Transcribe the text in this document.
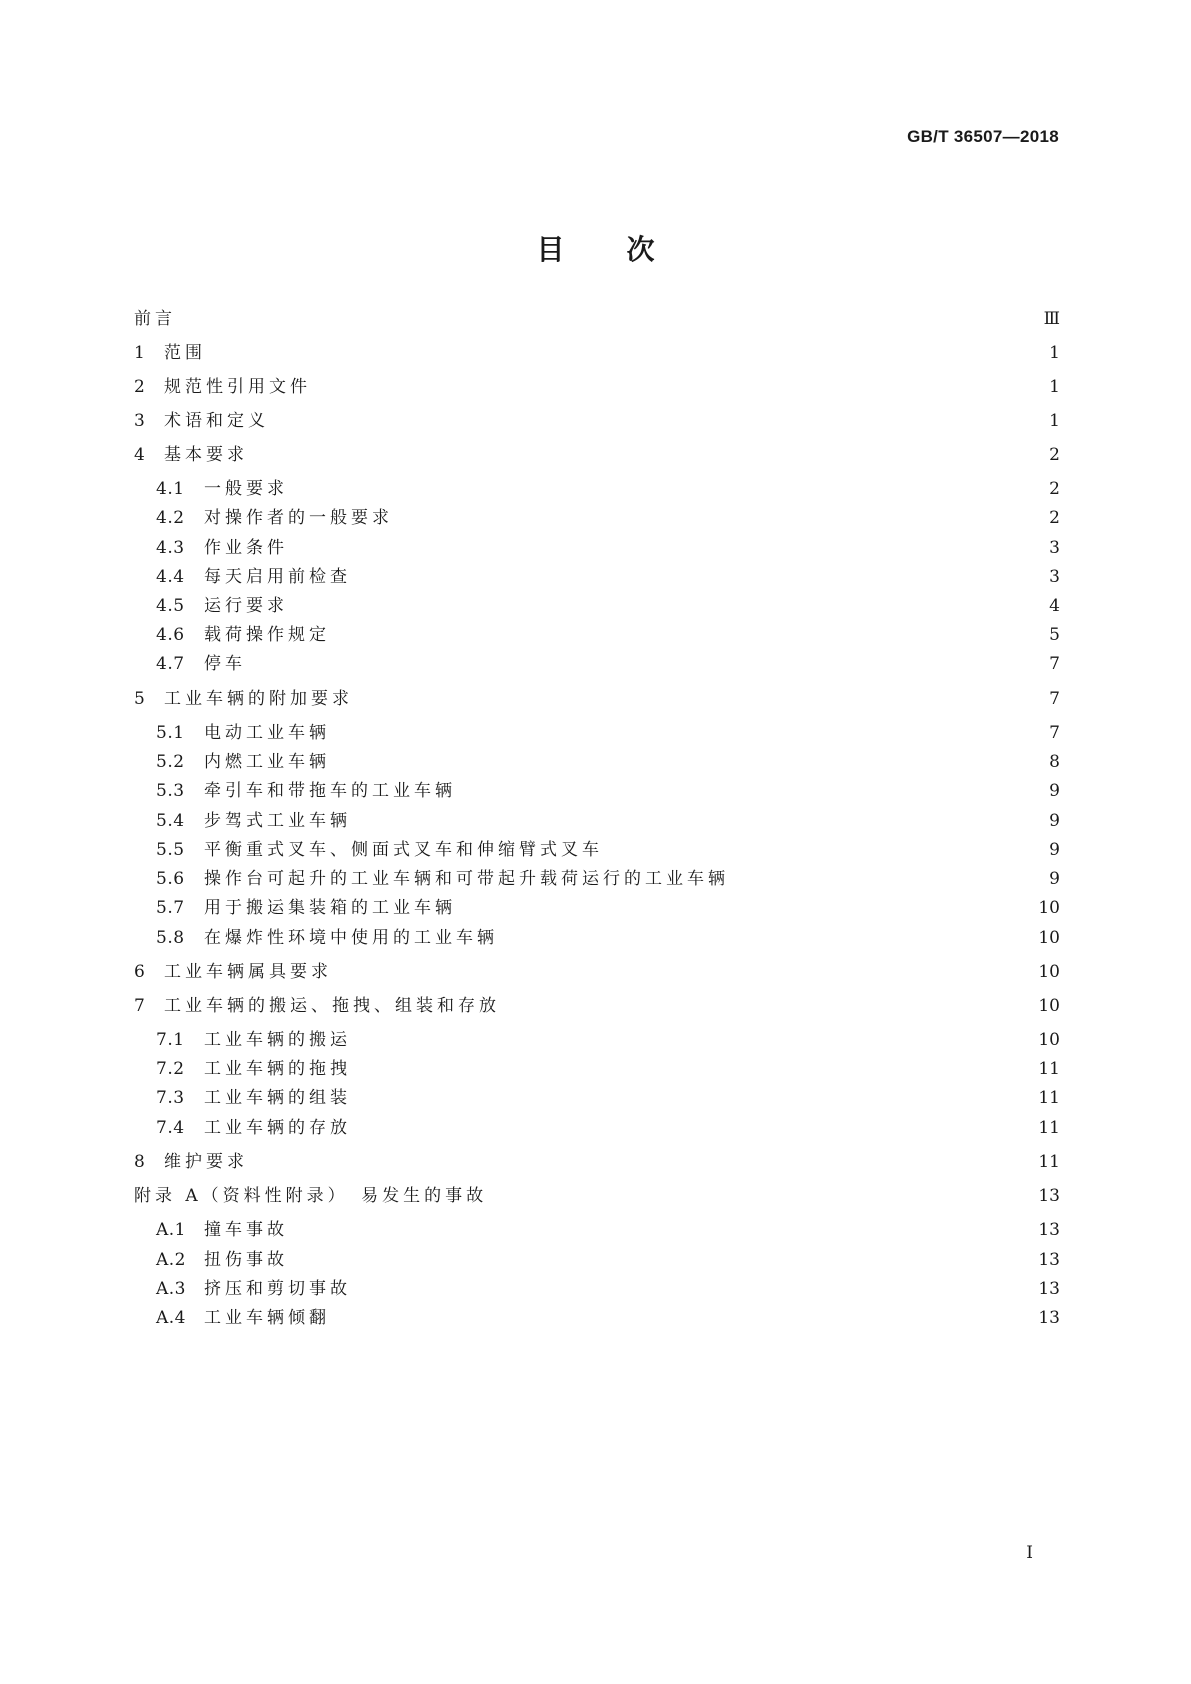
GB/T 36507—2018
目次
前言	Ⅲ
1	范围	1
2	规范性引用文件	1
3	术语和定义	1
4	基本要求	2
4.1	一般要求	2
4.2	对操作者的一般要求	2
4.3	作业条件	3
4.4	每天启用前检查	3
4.5	运行要求	4
4.6	载荷操作规定	5
4.7	停车	7
5	工业车辆的附加要求	7
5.1	电动工业车辆	7
5.2	内燃工业车辆	8
5.3	牵引车和带拖车的工业车辆	9
5.4	步驾式工业车辆	9
5.5	平衡重式叉车、侧面式叉车和伸缩臂式叉车	9
5.6	操作台可起升的工业车辆和可带起升载荷运行的工业车辆	9
5.7	用于搬运集装箱的工业车辆	10
5.8	在爆炸性环境中使用的工业车辆	10
6	工业车辆属具要求	10
7	工业车辆的搬运、拖拽、组装和存放	10
7.1	工业车辆的搬运	10
7.2	工业车辆的拖拽	11
7.3	工业车辆的组装	11
7.4	工业车辆的存放	11
8	维护要求	11
附录 A（资料性附录）　易发生的事故	13
A.1	撞车事故	13
A.2	扭伤事故	13
A.3	挤压和剪切事故	13
A.4	工业车辆倾翻	13
I
